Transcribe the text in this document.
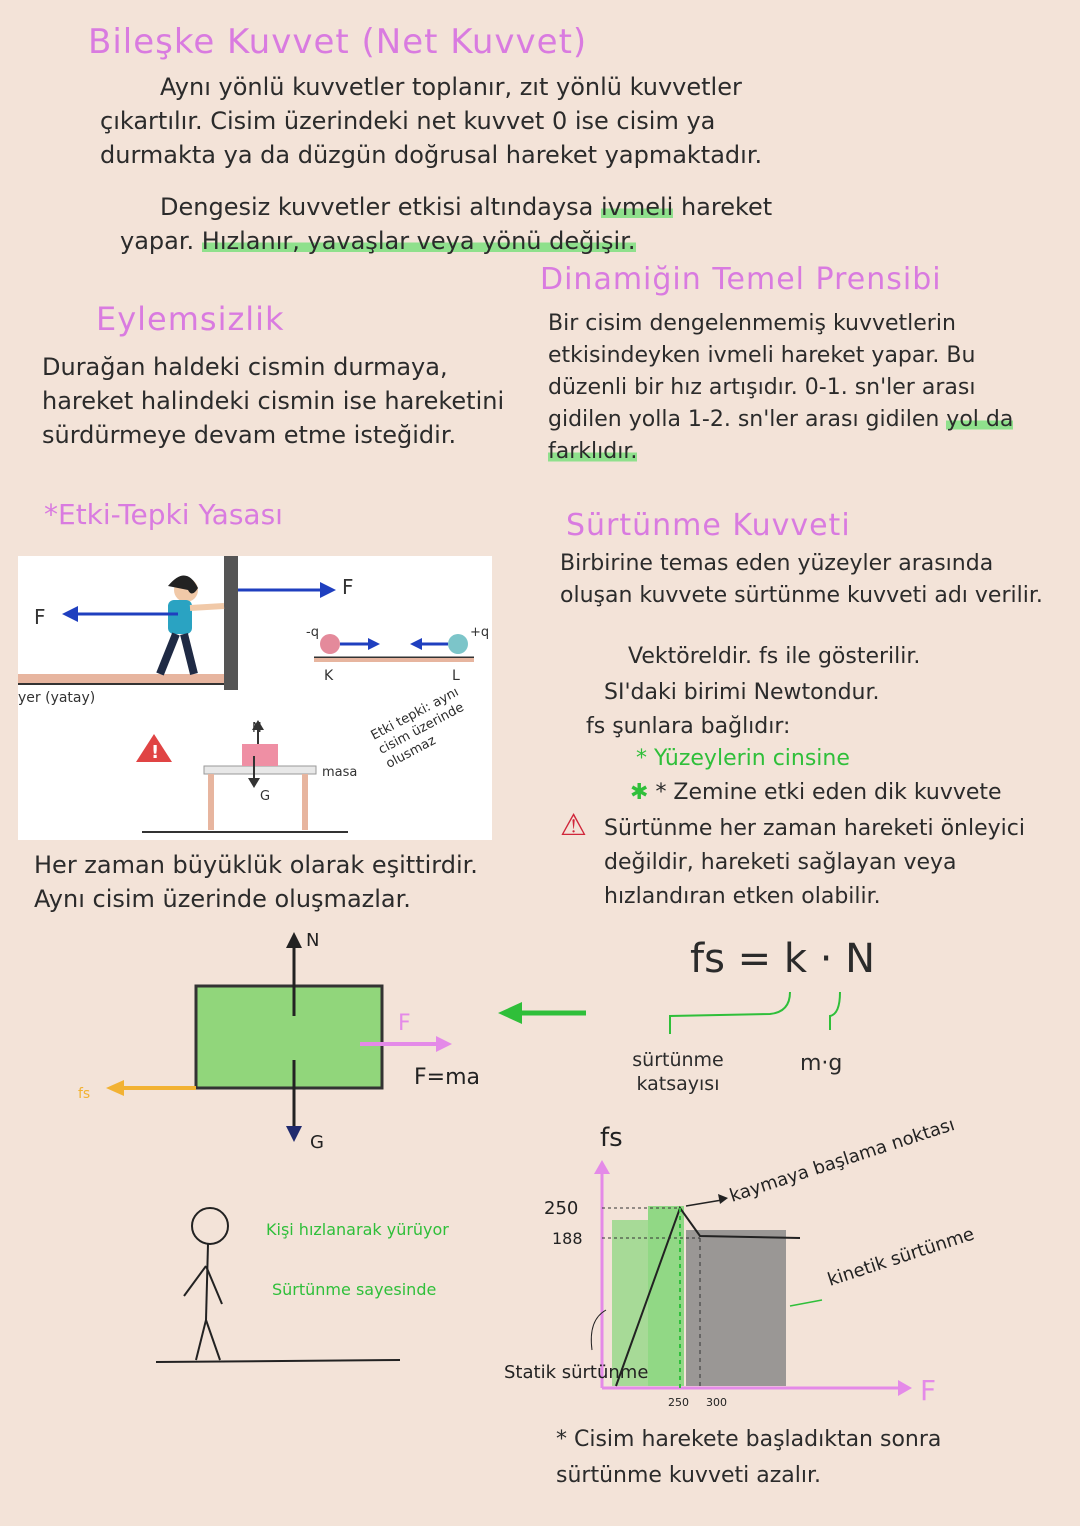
Bileşke Kuvvet (Net Kuvvet)
Aynı yönlü kuvvetler toplanır, zıt yönlü kuvvetler çıkartılır. Cisim üzerindeki net kuvvet 0 ise cisim ya durmakta ya da düzgün doğrusal hareket yapmaktadır.
Dengesiz kuvvetler etkisi altındaysa ivmeli hareket yapar. Hızlanır, yavaşlar veya yönü değişir.
Eylemsizlik
Durağan haldeki cismin durmaya, hareket halindeki cismin ise hareketini sürdürmeye devam etme isteğidir.
Dinamiğin Temel Prensibi
Bir cisim dengelenmemiş kuvvetlerin etkisindeyken ivmeli hareket yapar. Bu düzenli bir hız artışıdır. 0-1. sn'ler arası gidilen yolla 1-2. sn'ler arası gidilen yol da farklıdır.
*Etki-Tepki Yasası
F
F
yer (yatay)
-q	+q
K	L
!
N
G
masa
Etki tepki: aynı cisim üzerinde olusmaz
Her zaman büyüklük olarak eşittirdir. Aynı cisim üzerinde oluşmazlar.
Sürtünme Kuvveti
Birbirine temas eden yüzeyler arasında oluşan kuvvete sürtünme kuvveti adı verilir.
Vektöreldir. fs ile gösterilir.
SI'daki birimi Newtondur.
fs şunlara bağlıdır:
* Yüzeylerin cinsine
✱ * Zemine etki eden dik kuvvete
⚠ Sürtünme her zaman hareketi önleyici değildir, hareketi sağlayan veya hızlandıran etken olabilir.
fs = k · N
sürtünme katsayısı
m·g
N
G
F
fs
F=ma
Kişi hızlanarak yürüyor
Sürtünme sayesinde
250
188
250 300
fs
F
kaymaya başlama noktası
kinetik sürtünme
Statik sürtünme
* Cisim harekete başladıktan sonra sürtünme kuvveti azalır.
